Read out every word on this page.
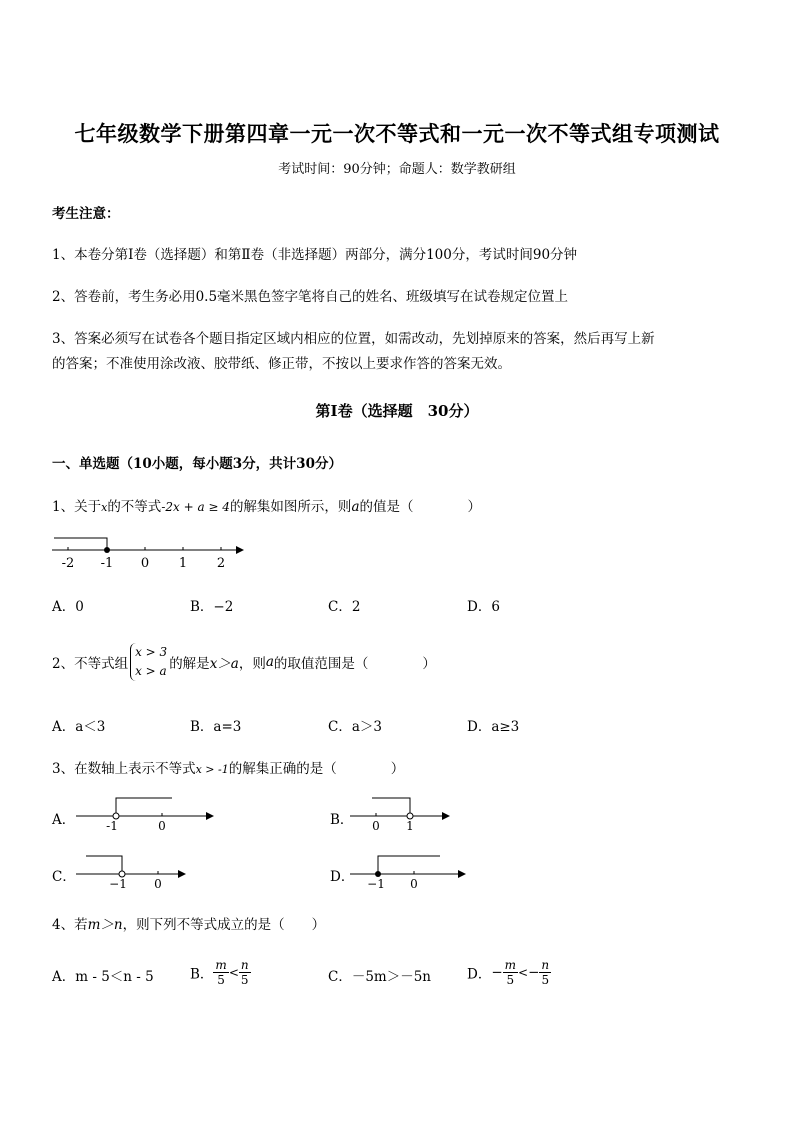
七年级数学下册第四章一元一次不等式和一元一次不等式组专项测试
考试时间：90分钟；命题人：数学教研组
考生注意：
1、本卷分第Ⅰ卷（选择题）和第Ⅱ卷（非选择题）两部分，满分100分，考试时间90分钟
2、答卷前，考生务必用0.5毫米黑色签字笔将自己的姓名、班级填写在试卷规定位置上
3、答案必须写在试卷各个题目指定区域内相应的位置，如需改动，先划掉原来的答案，然后再写上新
的答案；不准使用涂改液、胶带纸、修正带，不按以上要求作答的答案无效。
第Ⅰ卷（选择题　30分）
一、单选题（10小题，每小题3分，共计30分）
1、关于x的不等式-2x + a ≥ 4的解集如图所示，则a的值是（　　　　）
-2 -1 0 1 2
A．0	B．−2	C．2	D．6
2、不等式组
x > 3
x > a 的解是x＞a，则a的取值范围是（　　　　）
A．a＜3	B．a=3	C．a＞3	D．a≥3
3、在数轴上表示不等式x > -1的解集正确的是（　　　　）
A．	-1	0	B． 0 1
C．	−1 0	D． −1 0
4、若m＞n，则下列不等式成立的是（　　）
A．m - 5＜n - 5	B． $\frac{m}{5} < \frac{n}{5}$	C．－5m＞－5n	D．− $\frac{m}{5} <- \frac{n}{5}$
